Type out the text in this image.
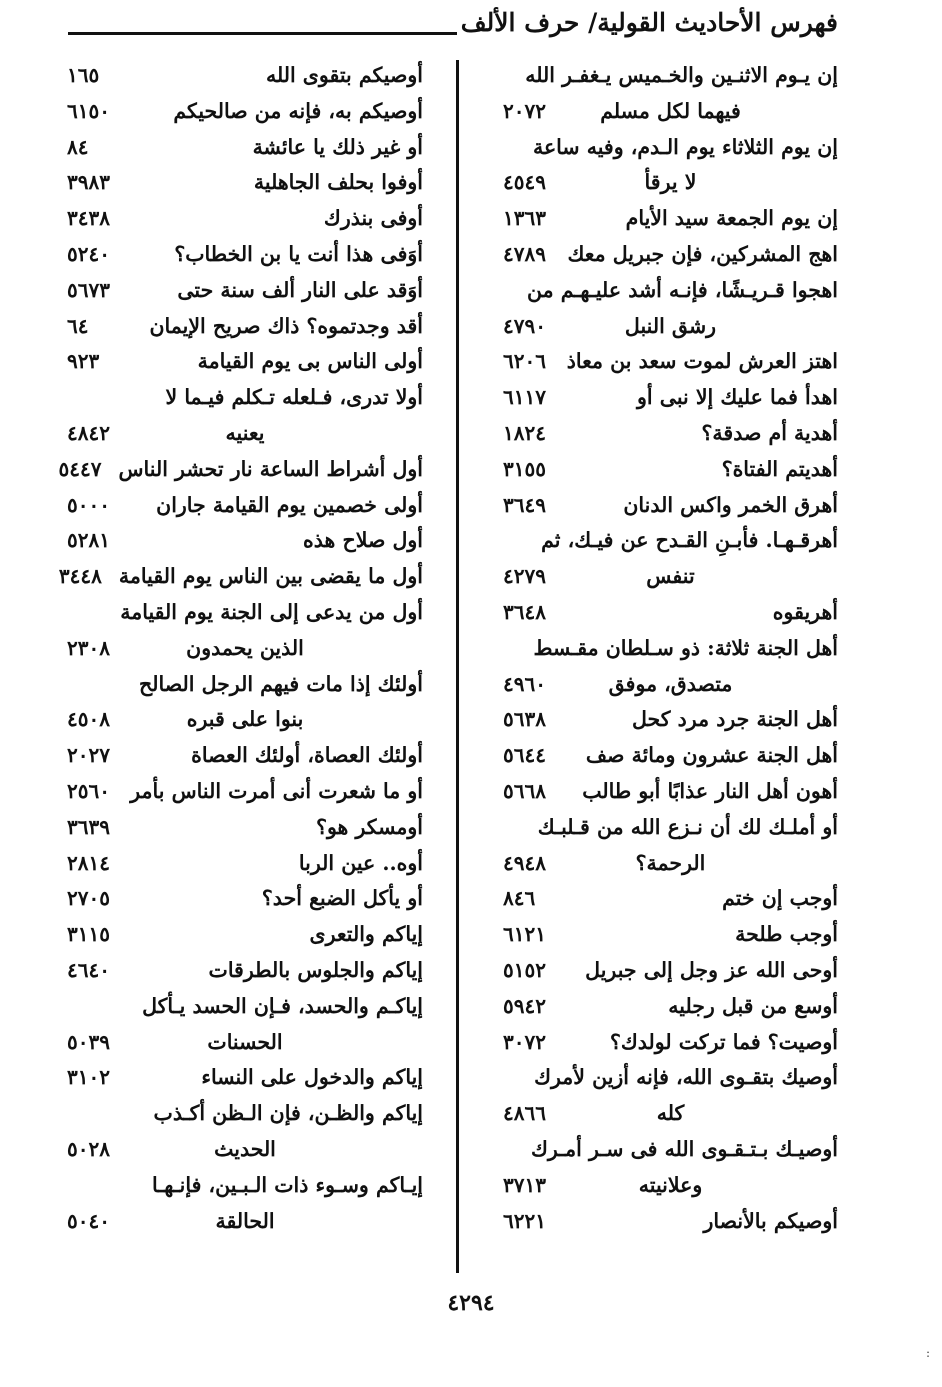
فهرس الأحاديث القولية/ حرف الألف
إن يـوم الاثنـين والخـميس يـغفـر الله
فيهما لكل مسلم
٢٠٧٢
إن يوم الثلاثاء يوم الـدم، وفيه ساعة
لا يرقأ
٤٥٤٩
إن يوم الجمعة سيد الأيام
١٣٦٣
اهج المشركين، فإن جبريل معك
٤٧٨٩
اهجوا قـريـشًا، فإنـه أشد عليـهـم من
رشق النبل
٤٧٩٠
اهتز العرش لموت سعد بن معاذ
٦٢٠٦
اهدأ فما عليك إلا نبى أو
٦١١٧
أهدية أم صدقة؟
١٨٢٤
أهديتم الفتاة؟
٣١٥٥
أهرق الخمر واكس الدنان
٣٦٤٩
أهرقـهـا. فأبـنِ القـدح عن فيـك، ثم
تنفس
٤٢٧٩
أهريقوه
٣٦٤٨
أهل الجنة ثلاثة: ذو سـلطان مقـسط
متصدق، موفق
٤٩٦٠
أهل الجنة جرد مرد كحل
٥٦٣٨
أهل الجنة عشرون ومائة صف
٥٦٤٤
أهون أهل النار عذابًا أبو طالب
٥٦٦٨
أو أملـك لك أن نـزع الله من قـلبـك
الرحمة؟
٤٩٤٨
أوجب إن ختم
٨٤٦
أوجب طلحة
٦١٢١
أوحى الله عز وجل إلى جبريل
٥١٥٢
أوسع من قبل رجليه
٥٩٤٢
أوصيت؟ فما تركت لولدك؟
٣٠٧٢
أوصيك بتقـوى الله، فإنه أزين لأمرك
كله
٤٨٦٦
أوصيـك بـتـقـوى الله فى سـر أمـرك
وعلانيته
٣٧١٣
أوصيكم بالأنصار
٦٢٢١
أوصيكم بتقوى الله
١٦٥
أوصيكم به، فإنه من صالحيكم
٦١٥٠
أو غير ذلك يا عائشة
٨٤
أوفوا بحلف الجاهلية
٣٩٨٣
أوفى بنذرك
٣٤٣٨
أوَفى هذا أنت يا بن الخطاب؟
٥٢٤٠
أوَقد على النار ألف سنة حتى
٥٦٧٣
أقد وجدتموه؟ ذاك صريح الإيمان
٦٤
أولى الناس بى يوم القيامة
٩٢٣
أولا تدرى، فـلعله تـكلم فيـما لا
يعنيه
٤٨٤٢
أول أشراط الساعة نار تحشر الناس
٥٤٤٧
أولى خصمين يوم القيامة جاران
٥٠٠٠
أول صلاح هذه
٥٢٨١
أول ما يقضى بين الناس يوم القيامة
٣٤٤٨
أول من يدعى إلى الجنة يوم القيامة
الذين يحمدون
٢٣٠٨
أولئك إذا مات فيهم الرجل الصالح
بنوا على قبره
٤٥٠٨
أولئك العصاة، أولئك العصاة
٢٠٢٧
أو ما شعرت أنى أمرت الناس بأمر
٢٥٦٠
أومسكر هو؟
٣٦٣٩
أوه.. عين الربا
٢٨١٤
أو يأكل الضبع أحد؟
٢٧٠٥
إياكم والتعرى
٣١١٥
إياكم والجلوس بالطرقات
٤٦٤٠
إياكـم والحسد، فـإن الحسد يـأكل
الحسنات
٥٠٣٩
إياكم والدخول على النساء
٣١٠٢
إياكم والظـن، فإن الـظن أكـذب
الحديث
٥٠٢٨
إيـاكم وسـوء ذات الـبـين، فإنـهـا
الحالقة
٥٠٤٠
٤٢٩٤
:
